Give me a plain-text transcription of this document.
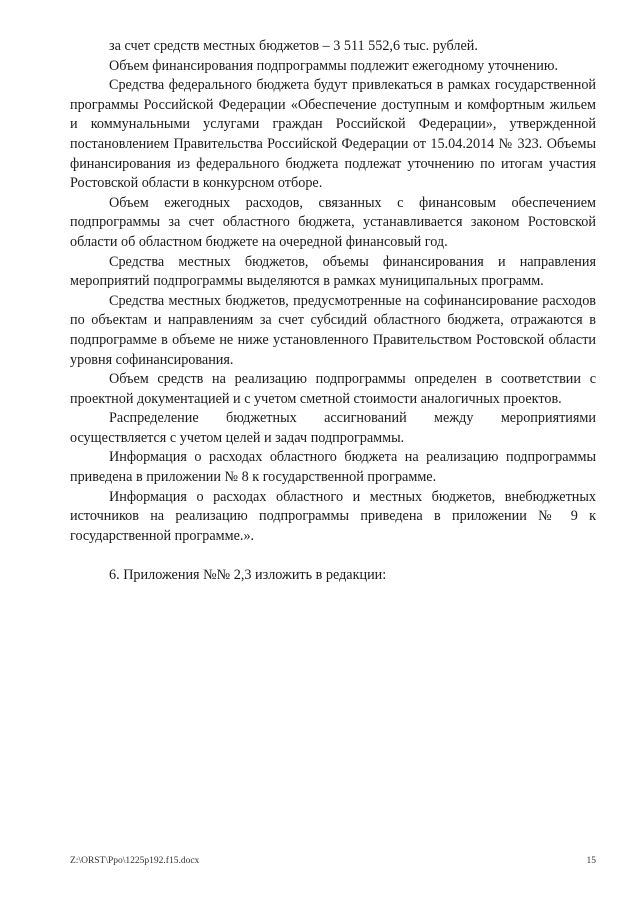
за счет средств местных бюджетов – 3 511 552,6 тыс. рублей.

Объем финансирования подпрограммы подлежит ежегодному уточнению.

Средства федерального бюджета будут привлекаться в рамках государственной программы Российской Федерации «Обеспечение доступным и комфортным жильем и коммунальными услугами граждан Российской Федерации», утвержденной постановлением Правительства Российской Федерации от 15.04.2014 № 323. Объемы финансирования из федерального бюджета подлежат уточнению по итогам участия Ростовской области в конкурсном отборе.

Объем ежегодных расходов, связанных с финансовым обеспечением подпрограммы за счет областного бюджета, устанавливается законом Ростовской области об областном бюджете на очередной финансовый год.

Средства местных бюджетов, объемы финансирования и направления мероприятий подпрограммы выделяются в рамках муниципальных программ.

Средства местных бюджетов, предусмотренные на софинансирование расходов по объектам и направлениям за счет субсидий областного бюджета, отражаются в подпрограмме в объеме не ниже установленного Правительством Ростовской области уровня софинансирования.

Объем средств на реализацию подпрограммы определен в соответствии с проектной документацией и с учетом сметной стоимости аналогичных проектов.

Распределение бюджетных ассигнований между мероприятиями осуществляется с учетом целей и задач подпрограммы.

Информация о расходах областного бюджета на реализацию подпрограммы приведена в приложении № 8 к государственной программе.

Информация о расходах областного и местных бюджетов, внебюджетных источников на реализацию подпрограммы приведена в приложении № 9 к государственной программе.».

6. Приложения №№ 2,3 изложить в редакции:

Z:\ORST\Ppo\1225p192.f15.docx	15
